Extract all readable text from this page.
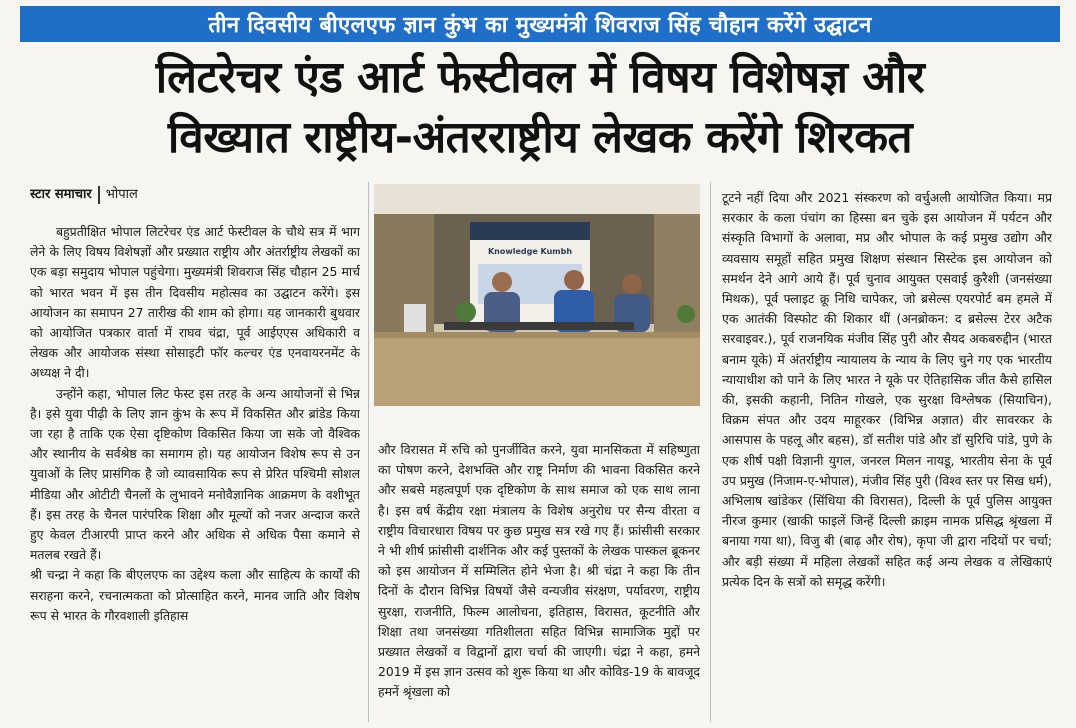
तीन दिवसीय बीएलएफ ज्ञान कुंभ का मुख्यमंत्री शिवराज सिंह चौहान करेंगे उद्घाटन
लिटरेचर एंड आर्ट फेस्टीवल में विषय विशेषज्ञ और
विख्यात राष्ट्रीय-अंतरराष्ट्रीय लेखक करेंगे शिरकत
स्टार समाचार भोपाल

बहुप्रतीक्षित भोपाल लिटरेचर एंड आर्ट फेस्टीवल के चौथे सत्र में भाग लेने के लिए विषय विशेषज्ञों और प्रख्यात राष्ट्रीय और अंतर्राष्ट्रीय लेखकों का एक बड़ा समुदाय भोपाल पहुंचेगा। मुख्यमंत्री शिवराज सिंह चौहान 25 मार्च को भारत भवन में इस तीन दिवसीय महोत्सव का उद्घाटन करेंगे। इस आयोजन का समापन 27 तारीख की शाम को होगा। यह जानकारी बुधवार को आयोजित पत्रकार वार्ता में राघव चंद्रा, पूर्व आईएएस अधिकारी व लेखक और आयोजक संस्था सोसाइटी फॉर कल्चर एंड एनवायरनमेंट के अध्यक्ष ने दी।

उन्होंने कहा, भोपाल लिट फेस्ट इस तरह के अन्य आयोजनों से भिन्न है। इसे युवा पीढ़ी के लिए ज्ञान कुंभ के रूप में विकसित और ब्रांडेड किया जा रहा है ताकि एक ऐसा दृष्टिकोण विकसित किया जा सके जो वैश्विक और स्थानीय के सर्वश्रेष्ठ का समागम हो। यह आयोजन विशेष रूप से उन युवाओं के लिए प्रासंगिक है जो व्यावसायिक रूप से प्रेरित पश्चिमी सोशल मीडिया और ओटीटी चैनलों के लुभावने मनोवैज्ञानिक आक्रमण के वशीभूत हैं। इस तरह के चैनल पारंपरिक शिक्षा और मूल्यों को नजर अन्दाज करते हुए केवल टीआरपी प्राप्त करने और अधिक से अधिक पैसा कमाने से मतलब रखते हैं।

श्री चन्द्रा ने कहा कि बीएलएफ का उद्देश्य कला और साहित्य के कार्यों की सराहना करने, रचनात्मकता को प्रोत्साहित करने, मानव जाति और विशेष रूप से भारत के गौरवशाली इतिहास

Knowledge Kumbh

और विरासत में रुचि को पुनर्जीवित करने, युवा मानसिकता में सहिष्णुता का पोषण करने, देशभक्ति और राष्ट्र निर्माण की भावना विकसित करने और सबसे महत्वपूर्ण एक दृष्टिकोण के साथ समाज को एक साथ लाना है। इस वर्ष केंद्रीय रक्षा मंत्रालय के विशेष अनुरोध पर सैन्य वीरता व राष्ट्रीय विचारधारा विषय पर कुछ प्रमुख सत्र रखे गए हैं। फ्रांसीसी सरकार ने भी शीर्ष फ्रांसीसी दार्शनिक और कई पुस्तकों के लेखक पास्कल ब्रूकनर को इस आयोजन में सम्मिलित होने भेजा है। श्री चंद्रा ने कहा कि तीन दिनों के दौरान विभिन्न विषयों जैसे वन्यजीव संरक्षण, पर्यावरण, राष्ट्रीय सुरक्षा, राजनीति, फिल्म आलोचना, इतिहास, विरासत, कूटनीति और शिक्षा तथा जनसंख्या गतिशीलता सहित विभिन्न सामाजिक मुद्दों पर प्रख्यात लेखकों व विद्वानों द्वारा चर्चा की जाएगी। चंद्रा ने कहा, हमने 2019 में इस ज्ञान उत्सव को शुरू किया था और कोविड-19 के बावजूद हमनें श्रृंखला को

टूटने नहीं दिया और 2021 संस्करण को वर्चुअली आयोजित किया। मप्र सरकार के कला पंचांग का हिस्सा बन चुके इस आयोजन में पर्यटन और संस्कृति विभागों के अलावा, मप्र और भोपाल के कई प्रमुख उद्योग और व्यवसाय समूहों सहित प्रमुख शिक्षण संस्थान सिस्टेक इस आयोजन को समर्थन देने आगे आये हैं। पूर्व चुनाव आयुक्त एसवाई कुरैशी (जनसंख्या मिथक), पूर्व फ्लाइट क्रू निधि चापेकर, जो ब्रसेल्स एयरपोर्ट बम हमले में एक आतंकी विस्फोट की शिकार थीं (अनब्रोकन: द ब्रसेल्स टेरर अटैक सरवाइवर.), पूर्व राजनयिक मंजीव सिंह पुरी और सैयद अकबरुद्दीन (भारत बनाम यूके) में अंतर्राष्ट्रीय न्यायालय के न्याय के लिए चुने गए एक भारतीय न्यायाधीश को पाने के लिए भारत ने यूके पर ऐतिहासिक जीत कैसे हासिल की, इसकी कहानी, नितिन गोखले, एक सुरक्षा विश्लेषक (सियाचिन), विक्रम संपत और उदय माहूरकर (विभिन्न अज्ञात) वीर सावरकर के आसपास के पहलू और बहस), डॉ सतीश पांडे और डॉ सुरिचि पांडे, पुणे के एक शीर्ष पक्षी विज्ञानी युगल, जनरल मिलन नायडू, भारतीय सेना के पूर्व उप प्रमुख (निजाम-ए-भोपाल), मंजीव सिंह पुरी (विश्व स्तर पर सिख धर्म), अभिलाष खांडेकर (सिंधिया की विरासत), दिल्ली के पूर्व पुलिस आयुक्त नीरज कुमार (खाकी फाइलें जिन्हें दिल्ली क्राइम नामक प्रसिद्ध श्रृंखला में बनाया गया था), विजु बी (बाढ़ और रोष), कृपा जी द्वारा नदियों पर चर्चा; और बड़ी संख्या में महिला लेखकों सहित कई अन्य लेखक व लेखिकाएं प्रत्येक दिन के सत्रों को समृद्ध करेंगी।
